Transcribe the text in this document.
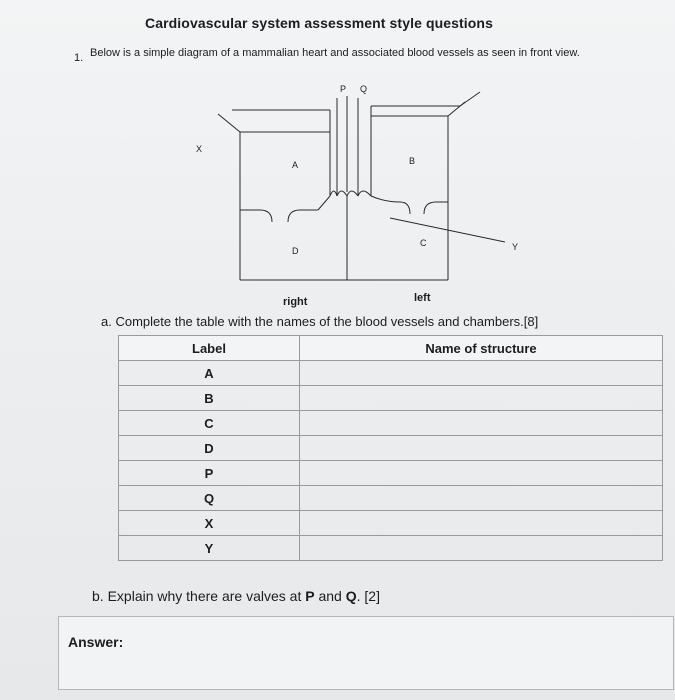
Cardiovascular system assessment style questions
1. Below is a simple diagram of a mammalian heart and associated blood vessels as seen in front view.
P Q
X
A	B
C
D	Y
right	left
a. Complete the table with the names of the blood vessels and chambers.[8]
Label	Name of structure
A	
B	
C	
D	
P	
Q	
X	
Y	
b. Explain why there are valves at P and Q. [2]
Answer:
